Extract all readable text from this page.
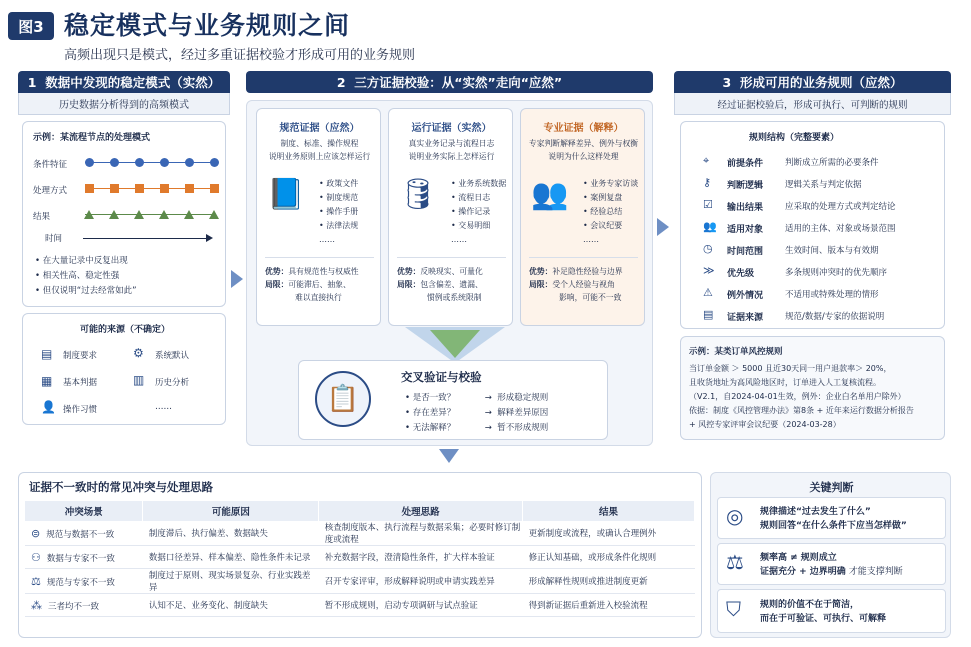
图3 稳定模式与业务规则之间
高频出现只是模式，经过多重证据校验才形成可用的业务规则
1
数据中发现的稳定模式（实然）
历史数据分析得到的高频模式
示例：某流程节点的处理模式
条件特征
处理方式
结果
时间
• 在大量记录中反复出现
• 相关性高、稳定性强
• 但仅说明“过去经常如此”
可能的来源（不确定）
▤ 制度要求	⚙ 系统默认
▦ 基本判据	▥ 历史分析
👤 操作习惯	……
2
三方证据校验：从“实然”走向“应然”
规范证据（应然）
制度、标准、操作规程
说明业务原则上应该怎样运行
📘 • 政策文件
• 制度规范
• 操作手册
• 法律法规
……
优势：具有规范性与权威性
局限：可能滞后、抽象、
难以直接执行
运行证据（实然）
真实业务记录与流程日志
说明业务实际上怎样运行
🛢 • 业务系统数据
• 流程日志
• 操作记录
• 交易明细
……
优势：反映现实、可量化
局限：包含偏差、遗漏、
惯例或系统限制
专业证据（解释）
专家判断解释差异、例外与权衡
说明为什么这样处理
👥 • 业务专家访谈
• 案例复盘
• 经验总结
• 会议纪要
……
优势：补足隐性经验与边界
局限：受个人经验与视角
影响，可能不一致
📋
交叉验证与校验
• 是否一致？	→  形成稳定规则
• 存在差异？	→  解释差异原因
• 无法解释？	→  暂不形成规则
3
形成可用的业务规则（应然）
经过证据校验后，形成可执行、可判断的规则
规则结构（完整要素）
⌖ 前提条件	判断成立所需的必要条件
⚷ 判断逻辑	逻辑关系与判定依据
☑ 输出结果	应采取的处理方式或判定结论
👥 适用对象	适用的主体、对象或场景范围
◷ 时间范围	生效时间、版本与有效期
≫ 优先级	多条规则冲突时的优先顺序
⚠ 例外情况	不适用或特殊处理的情形
▤ 证据来源	规范/数据/专家的依据说明
示例：某类订单风控规则
当订单金额 ＞ 5000 且近30天同一用户退款率＞ 20%，
且收货地址为高风险地区时，订单进入人工复核流程。
（V2.1，自2024-04-01生效，例外：企业白名单用户除外）
依据：制度《风控管理办法》第8条 + 近年来运行数据分析报告
+ 风控专家评审会议纪要（2024-03-28）
证据不一致时的常见冲突与处理思路
冲突场景	可能原因	处理思路	结果
⊜ 规范与数据不一致	制度滞后、执行偏差、数据缺失	核查制度版本、执行流程与数据采集；必要时修订制度或流程	更新制度或流程，或确认合理例外
⚇ 数据与专家不一致	数据口径差异、样本偏差、隐性条件未记录	补充数据字段，澄清隐性条件，扩大样本验证	修正认知基础，或形成条件化规则
⚖ 规范与专家不一致	制度过于原则、现实场景复杂、行业实践差异	召开专家评审，形成解释说明或申请实践差异	形成解释性规则或推进制度更新
⁂ 三者均不一致	认知不足、业务变化、制度缺失	暂不形成规则，启动专项调研与试点验证	得到新证据后重新进入校验流程
关键判断
◎ 规律描述“过去发生了什么”
规则回答“在什么条件下应当怎样做”
⚖ 频率高 ≠ 规则成立
证据充分 + 边界明确 才能支撑判断
⛉ 规则的价值不在于简洁，
而在于可验证、可执行、可解释
